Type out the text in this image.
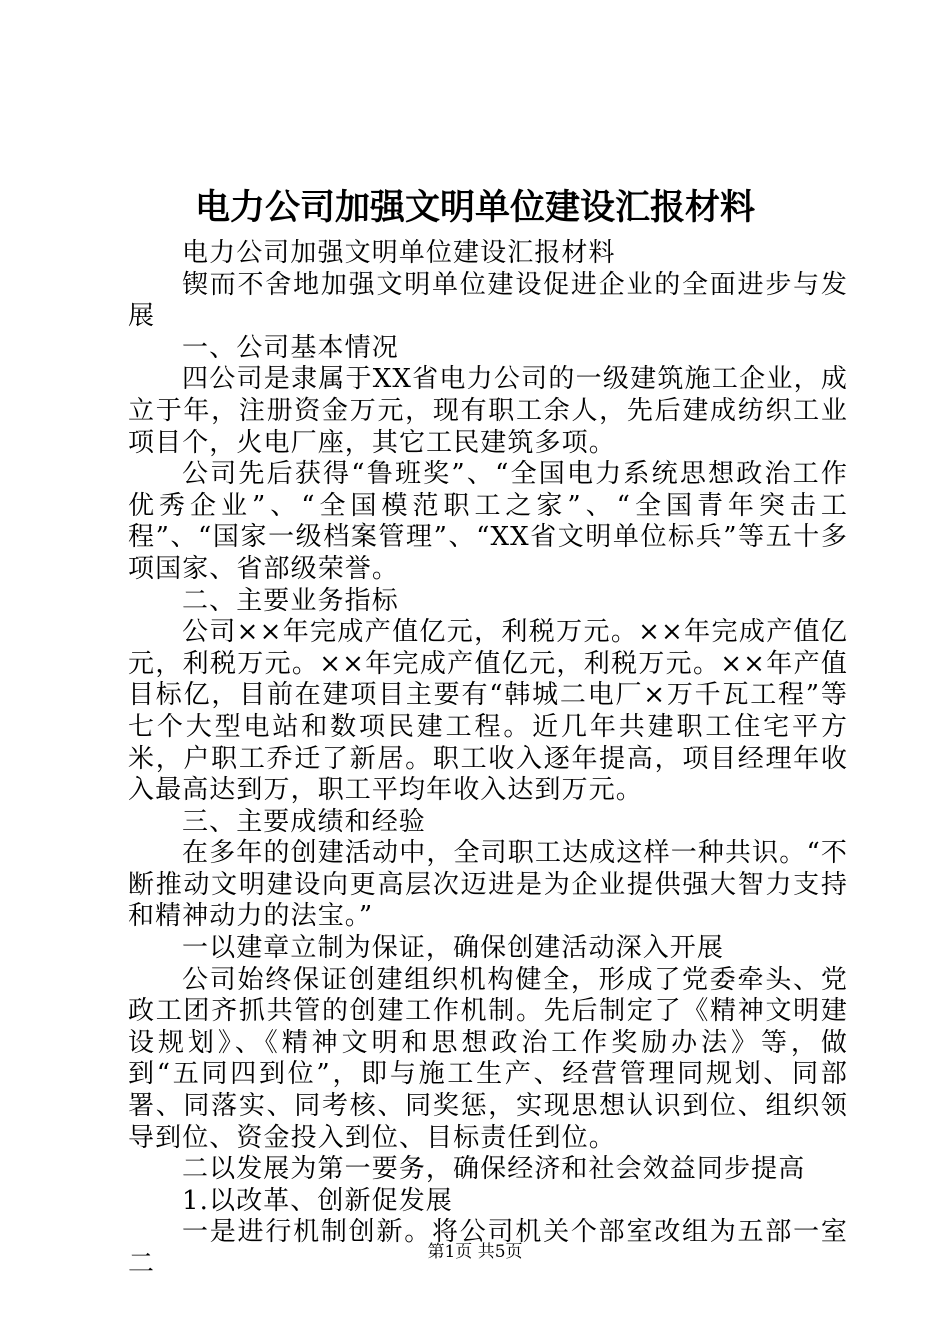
电力公司加强文明单位建设汇报材料

电力公司加强文明单位建设汇报材料

锲而不舍地加强文明单位建设促进企业的全面进步与发展

一、公司基本情况

四公司是隶属于XX省电力公司的一级建筑施工企业，成立于年，注册资金万元，现有职工余人，先后建成纺织工业项目个，火电厂座，其它工民建筑多项。

公司先后获得“鲁班奖”、“全国电力系统思想政治工作优秀企业”、“全国模范职工之家”、“全国青年突击工程”、“国家一级档案管理”、“XX省文明单位标兵”等五十多项国家、省部级荣誉。

二、主要业务指标

公司××年完成产值亿元，利税万元。××年完成产值亿元，利税万元。××年完成产值亿元，利税万元。××年产值目标亿，目前在建项目主要有“韩城二电厂×万千瓦工程”等七个大型电站和数项民建工程。近几年共建职工住宅平方米，户职工乔迁了新居。职工收入逐年提高，项目经理年收入最高达到万，职工平均年收入达到万元。

三、主要成绩和经验

在多年的创建活动中，全司职工达成这样一种共识。“不断推动文明建设向更高层次迈进是为企业提供强大智力支持和精神动力的法宝。”

一以建章立制为保证，确保创建活动深入开展

公司始终保证创建组织机构健全，形成了党委牵头、党政工团齐抓共管的创建工作机制。先后制定了《精神文明建设规划》、《精神文明和思想政治工作奖励办法》等，做到“五同四到位”，即与施工生产、经营管理同规划、同部署、同落实、同考核、同奖惩，实现思想认识到位、组织领导到位、资金投入到位、目标责任到位。

二以发展为第一要务，确保经济和社会效益同步提高

1.以改革、创新促发展

一是进行机制创新。将公司机关个部室改组为五部一室二	第1页 共5页
